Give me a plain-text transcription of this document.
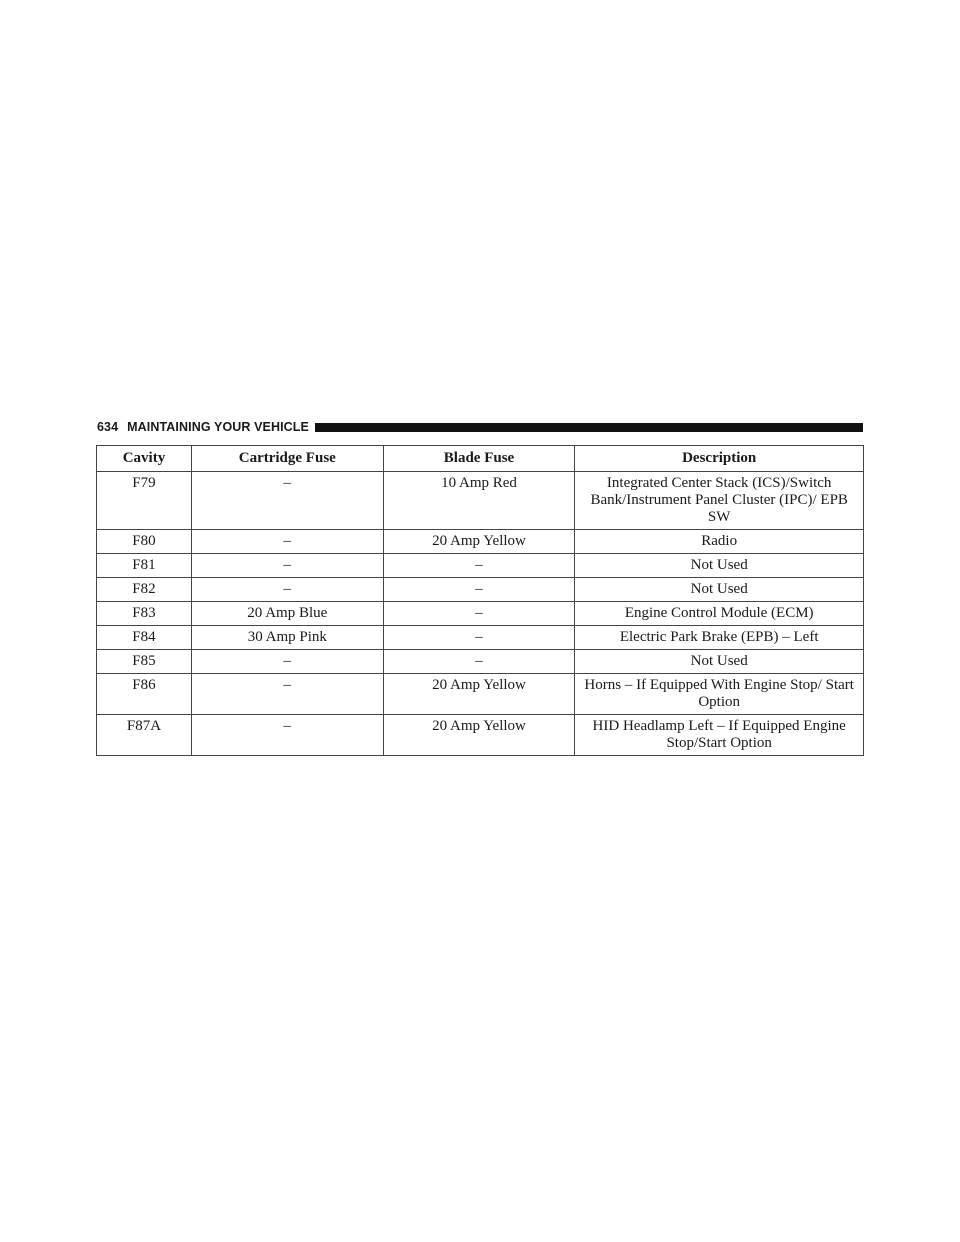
634 MAINTAINING YOUR VEHICLE
Cavity	Cartridge Fuse	Blade Fuse	Description
F79	–	10 Amp Red	Integrated Center Stack (ICS)/Switch Bank/Instrument Panel Cluster (IPC)/ EPB SW
F80	–	20 Amp Yellow	Radio
F81	–	–	Not Used
F82	–	–	Not Used
F83	20 Amp Blue	–	Engine Control Module (ECM)
F84	30 Amp Pink	–	Electric Park Brake (EPB) – Left
F85	–	–	Not Used
F86	–	20 Amp Yellow	Horns – If Equipped With Engine Stop/ Start Option
F87A	–	20 Amp Yellow	HID Headlamp Left – If Equipped Engine Stop/Start Option
